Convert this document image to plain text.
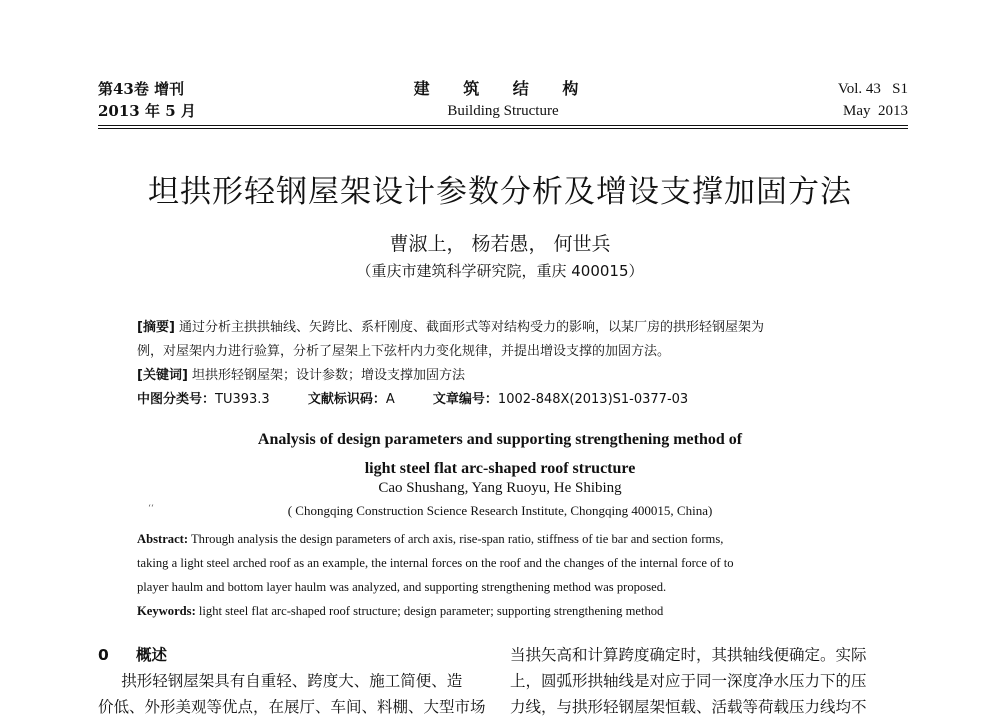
第43卷 增刊
2013 年 5 月
建 筑 结 构
Building Structure
Vol. 43   S1
May  2013
坦拱形轻钢屋架设计参数分析及增设支撑加固方法
曹淑上， 杨若愚， 何世兵
（重庆市建筑科学研究院，重庆 400015）

[摘要] 通过分析主拱拱轴线、矢跨比、系杆刚度、截面形式等对结构受力的影响，以某厂房的拱形轻钢屋架为

例，对屋架内力进行验算，分析了屋架上下弦杆内力变化规律，并提出增设支撑的加固方法。

[关键词] 坦拱形轻钢屋架；设计参数；增设支撑加固方法

中图分类号：TU393.3	文献标识码：A	文章编号：1002-848X(2013)S1-0377-03

Analysis of design parameters and supporting strengthening method of

light steel flat arc-shaped roof structure

Cao Shushang, Yang Ruoyu, He Shibing
‘‘	( Chongqing Construction Science Research Institute, Chongqing 400015, China)

Abstract: Through analysis the design parameters of arch axis, rise-span ratio, stiffness of tie bar and section forms,

taking a light steel arched roof as an example, the internal forces on the roof and the changes of the internal force of to

player haulm and bottom layer haulm was analyzed, and supporting strengthening method was proposed.

Keywords: light steel flat arc-shaped roof structure; design parameter; supporting strengthening method

0 概述

  拱形轻钢屋架具有自重轻、跨度大、施工简便、造

价低、外形美观等优点，在展厅、车间、料棚、大型市场

当拱矢高和计算跨度确定时，其拱轴线便确定。实际

上，圆弧形拱轴线是对应于同一深度净水压力下的压

力线，与拱形轻钢屋架恒载、活载等荷载压力线均不
